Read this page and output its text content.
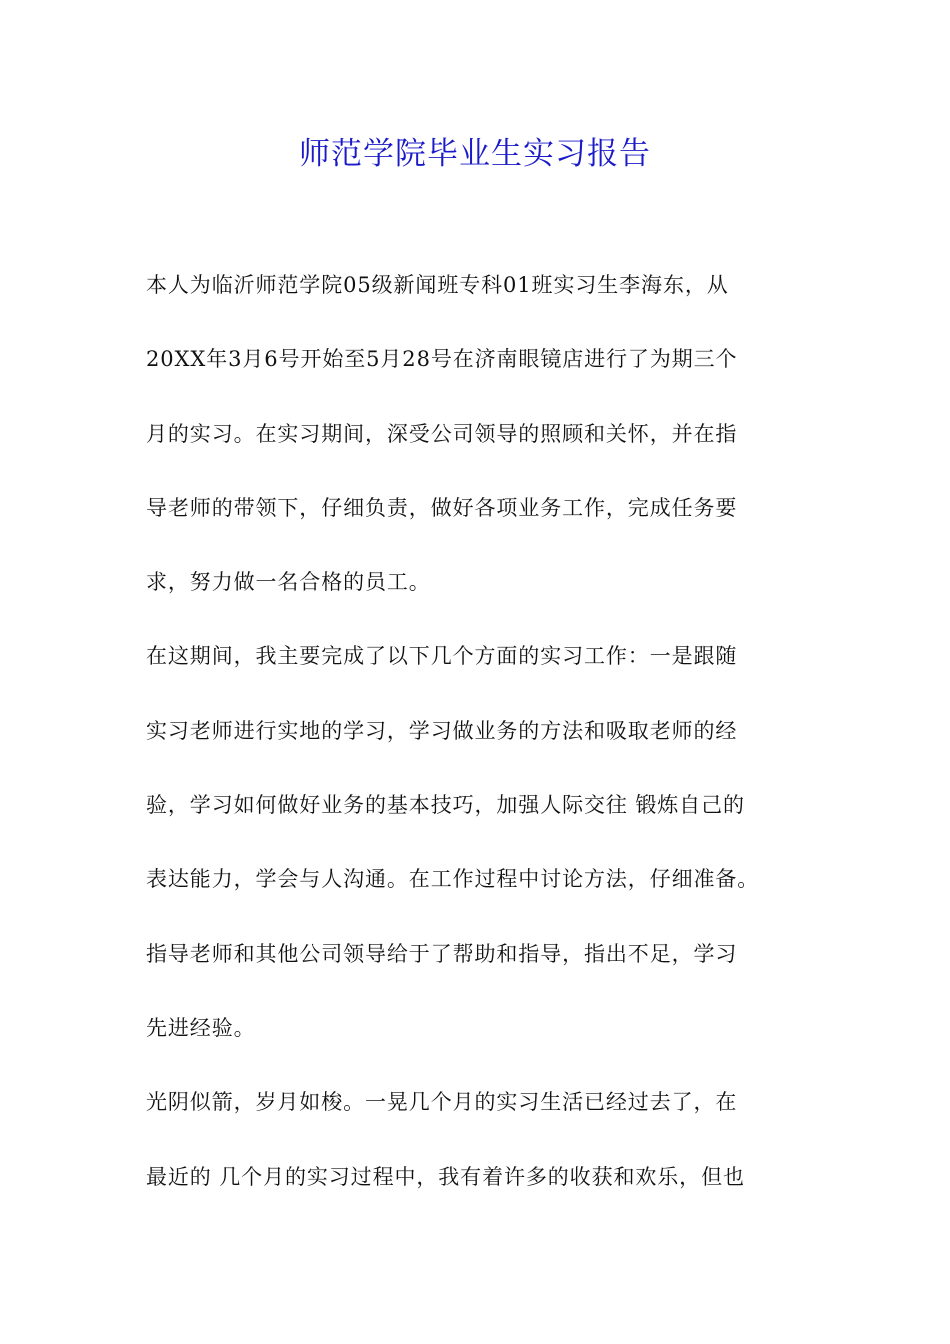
师范学院毕业生实习报告
本人为临沂师范学院05级新闻班专科01班实习生李海东，从
20XX年3月6号开始至5月28号在济南眼镜店进行了为期三个
月的实习。在实习期间，深受公司领导的照顾和关怀，并在指
导老师的带领下，仔细负责，做好各项业务工作，完成任务要
求，努力做一名合格的员工。
在这期间，我主要完成了以下几个方面的实习工作：一是跟随
实习老师进行实地的学习，学习做业务的方法和吸取老师的经
验，学习如何做好业务的基本技巧，加强人际交往 锻炼自己的
表达能力，学会与人沟通。在工作过程中讨论方法，仔细准备。
指导老师和其他公司领导给于了帮助和指导，指出不足，学习
先进经验。
光阴似箭，岁月如梭。一晃几个月的实习生活已经过去了，在
最近的 几个月的实习过程中，我有着许多的收获和欢乐，但也
